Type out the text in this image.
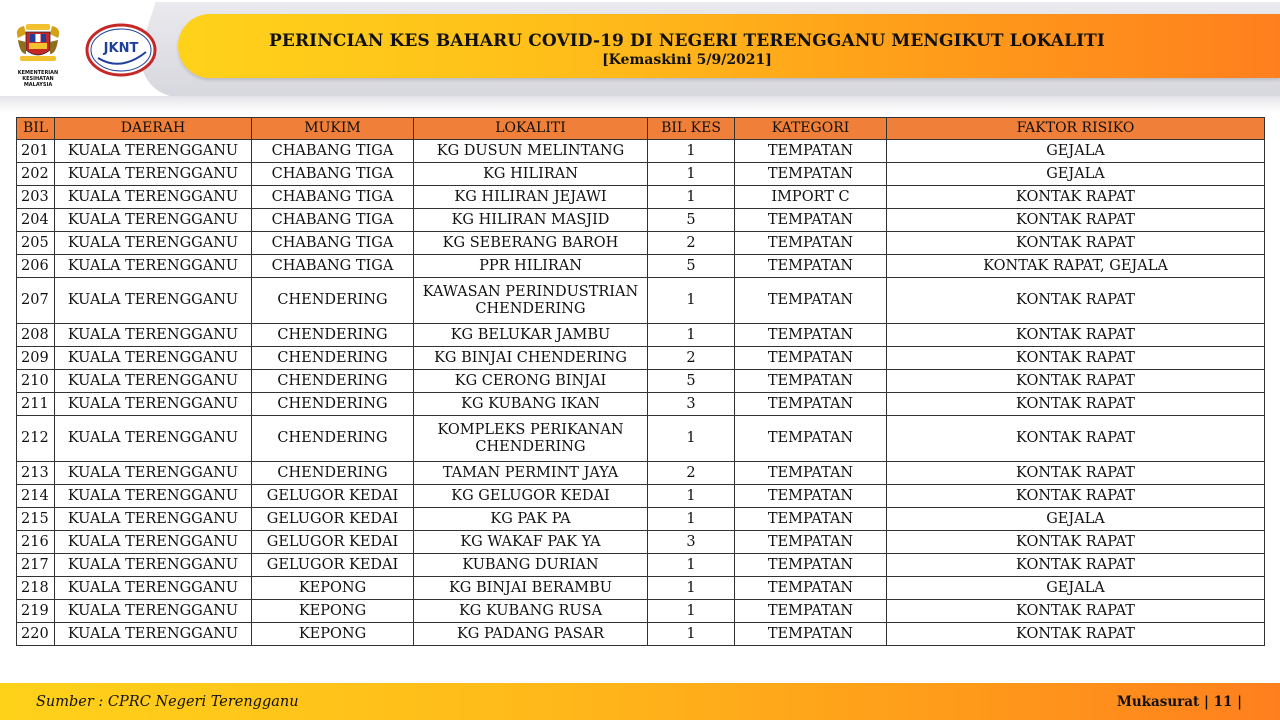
KEMENTERIAN KESIHATAN MALAYSIA
JKNT	PERINCIAN KES BAHARU COVID-19 DI NEGERI TERENGGANU MENGIKUT LOKALITI
[Kemaskini 5/9/2021]
BIL	DAERAH	MUKIM	LOKALITI	BIL KES	KATEGORI	FAKTOR RISIKO
201	KUALA TERENGGANU	CHABANG TIGA	KG DUSUN MELINTANG	1	TEMPATAN	GEJALA
202	KUALA TERENGGANU	CHABANG TIGA	KG HILIRAN	1	TEMPATAN	GEJALA
203	KUALA TERENGGANU	CHABANG TIGA	KG HILIRAN JEJAWI	1	IMPORT C	KONTAK RAPAT
204	KUALA TERENGGANU	CHABANG TIGA	KG HILIRAN MASJID	5	TEMPATAN	KONTAK RAPAT
205	KUALA TERENGGANU	CHABANG TIGA	KG SEBERANG BAROH	2	TEMPATAN	KONTAK RAPAT
206	KUALA TERENGGANU	CHABANG TIGA	PPR HILIRAN	5	TEMPATAN	KONTAK RAPAT, GEJALA
207	KUALA TERENGGANU	CHENDERING	KAWASAN PERINDUSTRIAN CHENDERING	1	TEMPATAN	KONTAK RAPAT
208	KUALA TERENGGANU	CHENDERING	KG BELUKAR JAMBU	1	TEMPATAN	KONTAK RAPAT
209	KUALA TERENGGANU	CHENDERING	KG BINJAI CHENDERING	2	TEMPATAN	KONTAK RAPAT
210	KUALA TERENGGANU	CHENDERING	KG CERONG BINJAI	5	TEMPATAN	KONTAK RAPAT
211	KUALA TERENGGANU	CHENDERING	KG KUBANG IKAN	3	TEMPATAN	KONTAK RAPAT
212	KUALA TERENGGANU	CHENDERING	KOMPLEKS PERIKANAN CHENDERING	1	TEMPATAN	KONTAK RAPAT
213	KUALA TERENGGANU	CHENDERING	TAMAN PERMINT JAYA	2	TEMPATAN	KONTAK RAPAT
214	KUALA TERENGGANU	GELUGOR KEDAI	KG GELUGOR KEDAI	1	TEMPATAN	KONTAK RAPAT
215	KUALA TERENGGANU	GELUGOR KEDAI	KG PAK PA	1	TEMPATAN	GEJALA
216	KUALA TERENGGANU	GELUGOR KEDAI	KG WAKAF PAK YA	3	TEMPATAN	KONTAK RAPAT
217	KUALA TERENGGANU	GELUGOR KEDAI	KUBANG DURIAN	1	TEMPATAN	KONTAK RAPAT
218	KUALA TERENGGANU	KEPONG	KG BINJAI BERAMBU	1	TEMPATAN	GEJALA
219	KUALA TERENGGANU	KEPONG	KG KUBANG RUSA	1	TEMPATAN	KONTAK RAPAT
220	KUALA TERENGGANU	KEPONG	KG PADANG PASAR	1	TEMPATAN	KONTAK RAPAT
Sumber : CPRC Negeri Terengganu	Mukasurat | 11 |
